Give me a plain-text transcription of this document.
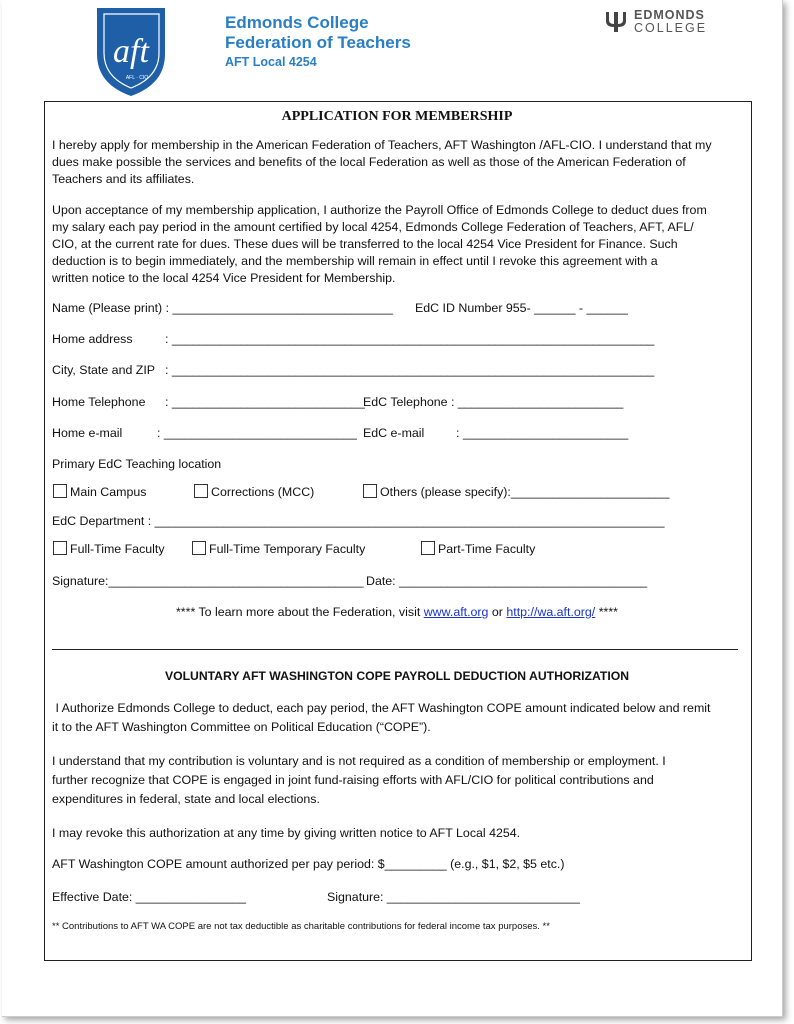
aft
AFL · CIO
Edmonds College
Federation of Teachers
AFT Local 4254
EDMONDS
COLLEGE
APPLICATION FOR MEMBERSHIP
I hereby apply for membership in the American Federation of Teachers, AFT Washington /AFL-CIO. I understand that my
dues make possible the services and benefits of the local Federation as well as those of the American Federation of
Teachers and its affiliates.
Upon acceptance of my membership application, I authorize the Payroll Office of Edmonds College to deduct dues from
my salary each pay period in the amount certified by local 4254, Edmonds College Federation of Teachers, AFT, AFL/
CIO, at the current rate for dues. These dues will be transferred to the local 4254 Vice President for Finance. Such
deduction is to begin immediately, and the membership will remain in effect until I revoke this agreement with a
written notice to the local 4254 Vice President for Membership.
Name (Please print) : ________________________________ EdC ID Number 955- ______ - ______
Home address	: ______________________________________________________________________
City, State and ZIP : ______________________________________________________________________
Home Telephone : ____________________________
EdC Telephone : ________________________
Home e-mail	: ____________________________ EdC e-mail	: ________________________
Primary EdC Teaching location
Main Campus	Corrections (MCC)	Others (please specify):_______________________
EdC Department : __________________________________________________________________________
Full-Time Faculty	Full-Time Temporary Faculty	Part-Time Faculty
Signature:_____________________________________ Date: ____________________________________
**** To learn more about the Federation, visit www.aft.org or http://wa.aft.org/ ****
VOLUNTARY AFT WASHINGTON COPE PAYROLL DEDUCTION AUTHORIZATION
I Authorize Edmonds College to deduct, each pay period, the AFT Washington COPE amount indicated below and remit
it to the AFT Washington Committee on Political Education (“COPE”).
I understand that my contribution is voluntary and is not required as a condition of membership or employment. I
further recognize that COPE is engaged in joint fund-raising efforts with AFL/CIO for political contributions and
expenditures in federal, state and local elections.
I may revoke this authorization at any time by giving written notice to AFT Local 4254.
AFT Washington COPE amount authorized per pay period: $_________ (e.g., $1, $2, $5 etc.)
Effective Date: ________________	Signature: ____________________________
** Contributions to AFT WA COPE are not tax deductible as charitable contributions for federal income tax purposes. **
